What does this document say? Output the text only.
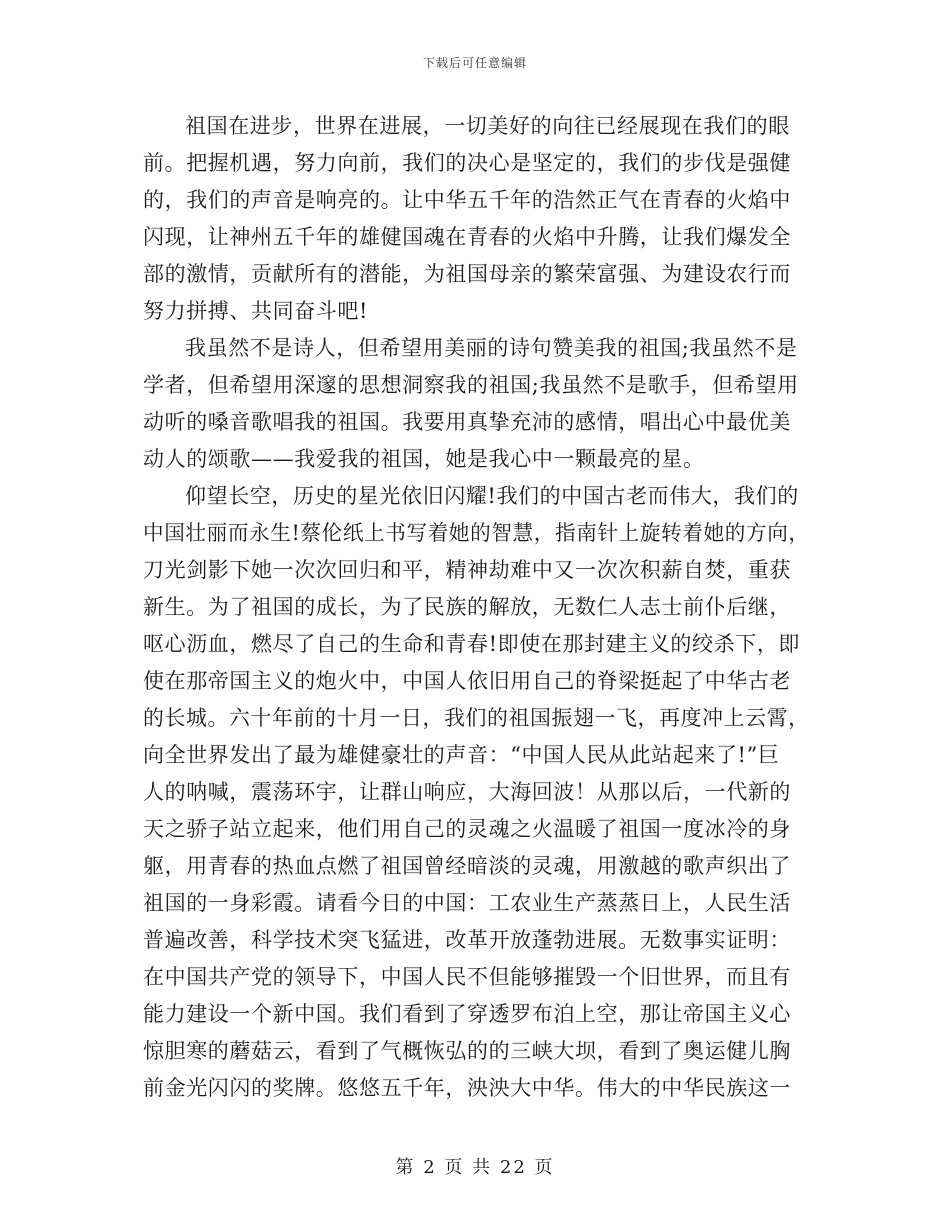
下载后可任意编辑
祖国在进步，世界在进展，一切美好的向往已经展现在我们的眼
前。把握机遇，努力向前，我们的决心是坚定的，我们的步伐是强健
的，我们的声音是响亮的。让中华五千年的浩然正气在青春的火焰中
闪现，让神州五千年的雄健国魂在青春的火焰中升腾，让我们爆发全
部的激情，贡献所有的潜能，为祖国母亲的繁荣富强、为建设农行而
努力拼搏、共同奋斗吧!
我虽然不是诗人，但希望用美丽的诗句赞美我的祖国;我虽然不是
学者，但希望用深邃的思想洞察我的祖国;我虽然不是歌手，但希望用
动听的嗓音歌唱我的祖国。我要用真挚充沛的感情，唱出心中最优美
动人的颂歌——我爱我的祖国，她是我心中一颗最亮的星。
仰望长空，历史的星光依旧闪耀!我们的中国古老而伟大，我们的
中国壮丽而永生!蔡伦纸上书写着她的智慧，指南针上旋转着她的方向，
刀光剑影下她一次次回归和平，精神劫难中又一次次积薪自焚，重获
新生。为了祖国的成长，为了民族的解放，无数仁人志士前仆后继，
呕心沥血，燃尽了自己的生命和青春!即使在那封建主义的绞杀下，即
使在那帝国主义的炮火中，中国人依旧用自己的脊梁挺起了中华古老
的长城。六十年前的十月一日，我们的祖国振翅一飞，再度冲上云霄，
向全世界发出了最为雄健豪壮的声音：“中国人民从此站起来了!”巨
人的呐喊，震荡环宇，让群山响应，大海回波！从那以后，一代新的
天之骄子站立起来，他们用自己的灵魂之火温暖了祖国一度冰冷的身
躯，用青春的热血点燃了祖国曾经暗淡的灵魂，用激越的歌声织出了
祖国的一身彩霞。请看今日的中国：工农业生产蒸蒸日上，人民生活
普遍改善，科学技术突飞猛进，改革开放蓬勃进展。无数事实证明：
在中国共产党的领导下，中国人民不但能够摧毁一个旧世界，而且有
能力建设一个新中国。我们看到了穿透罗布泊上空，那让帝国主义心
惊胆寒的蘑菇云，看到了气概恢弘的的三峡大坝，看到了奥运健儿胸
前金光闪闪的奖牌。悠悠五千年，泱泱大中华。伟大的中华民族这一
第 2 页 共 22 页
